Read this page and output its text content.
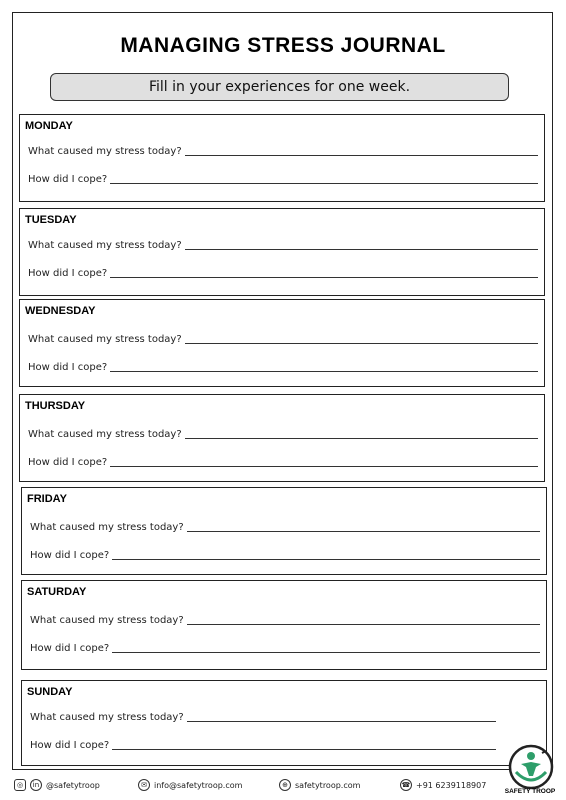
MANAGING STRESS JOURNAL
Fill in your experiences for one week.
MONDAY
What caused my stress today?
How did I cope?
TUESDAY
What caused my stress today?
How did I cope?
WEDNESDAY
What caused my stress today?
How did I cope?
THURSDAY
What caused my stress today?
How did I cope?
FRIDAY
What caused my stress today?
How did I cope?
SATURDAY
What caused my stress today?
How did I cope?
SUNDAY
What caused my stress today?
How did I cope?
◎	in @safetytroop	✉ info@safetytroop.com	⊕ safetytroop.com	☎ +91 6239118907
SAFETY TROOP
